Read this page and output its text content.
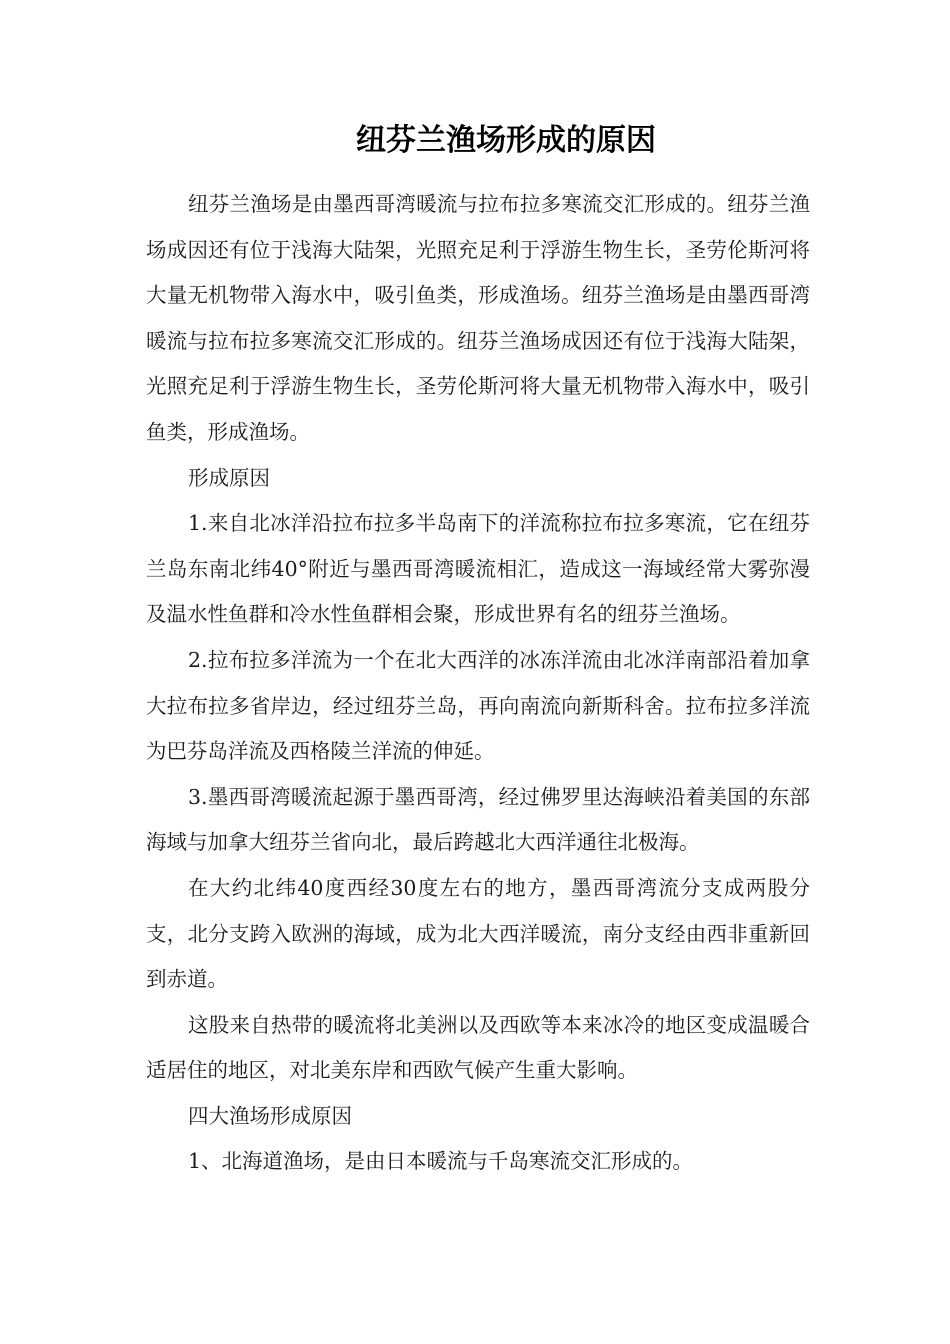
纽芬兰渔场形成的原因

纽芬兰渔场是由墨西哥湾暖流与拉布拉多寒流交汇形成的。纽芬兰渔场成因还有位于浅海大陆架，光照充足利于浮游生物生长，圣劳伦斯河将大量无机物带入海水中，吸引鱼类，形成渔场。纽芬兰渔场是由墨西哥湾暖流与拉布拉多寒流交汇形成的。纽芬兰渔场成因还有位于浅海大陆架，光照充足利于浮游生物生长，圣劳伦斯河将大量无机物带入海水中，吸引鱼类，形成渔场。

形成原因

1.来自北冰洋沿拉布拉多半岛南下的洋流称拉布拉多寒流，它在纽芬兰岛东南北纬40°附近与墨西哥湾暖流相汇，造成这一海域经常大雾弥漫及温水性鱼群和冷水性鱼群相会聚，形成世界有名的纽芬兰渔场。

2.拉布拉多洋流为一个在北大西洋的冰冻洋流由北冰洋南部沿着加拿大拉布拉多省岸边，经过纽芬兰岛，再向南流向新斯科舍。拉布拉多洋流为巴芬岛洋流及西格陵兰洋流的伸延。

3.墨西哥湾暖流起源于墨西哥湾，经过佛罗里达海峡沿着美国的东部海域与加拿大纽芬兰省向北，最后跨越北大西洋通往北极海。

在大约北纬40度西经30度左右的地方，墨西哥湾流分支成两股分支，北分支跨入欧洲的海域，成为北大西洋暖流，南分支经由西非重新回到赤道。

这股来自热带的暖流将北美洲以及西欧等本来冰冷的地区变成温暖合适居住的地区，对北美东岸和西欧气候产生重大影响。

四大渔场形成原因

1、北海道渔场，是由日本暖流与千岛寒流交汇形成的。
